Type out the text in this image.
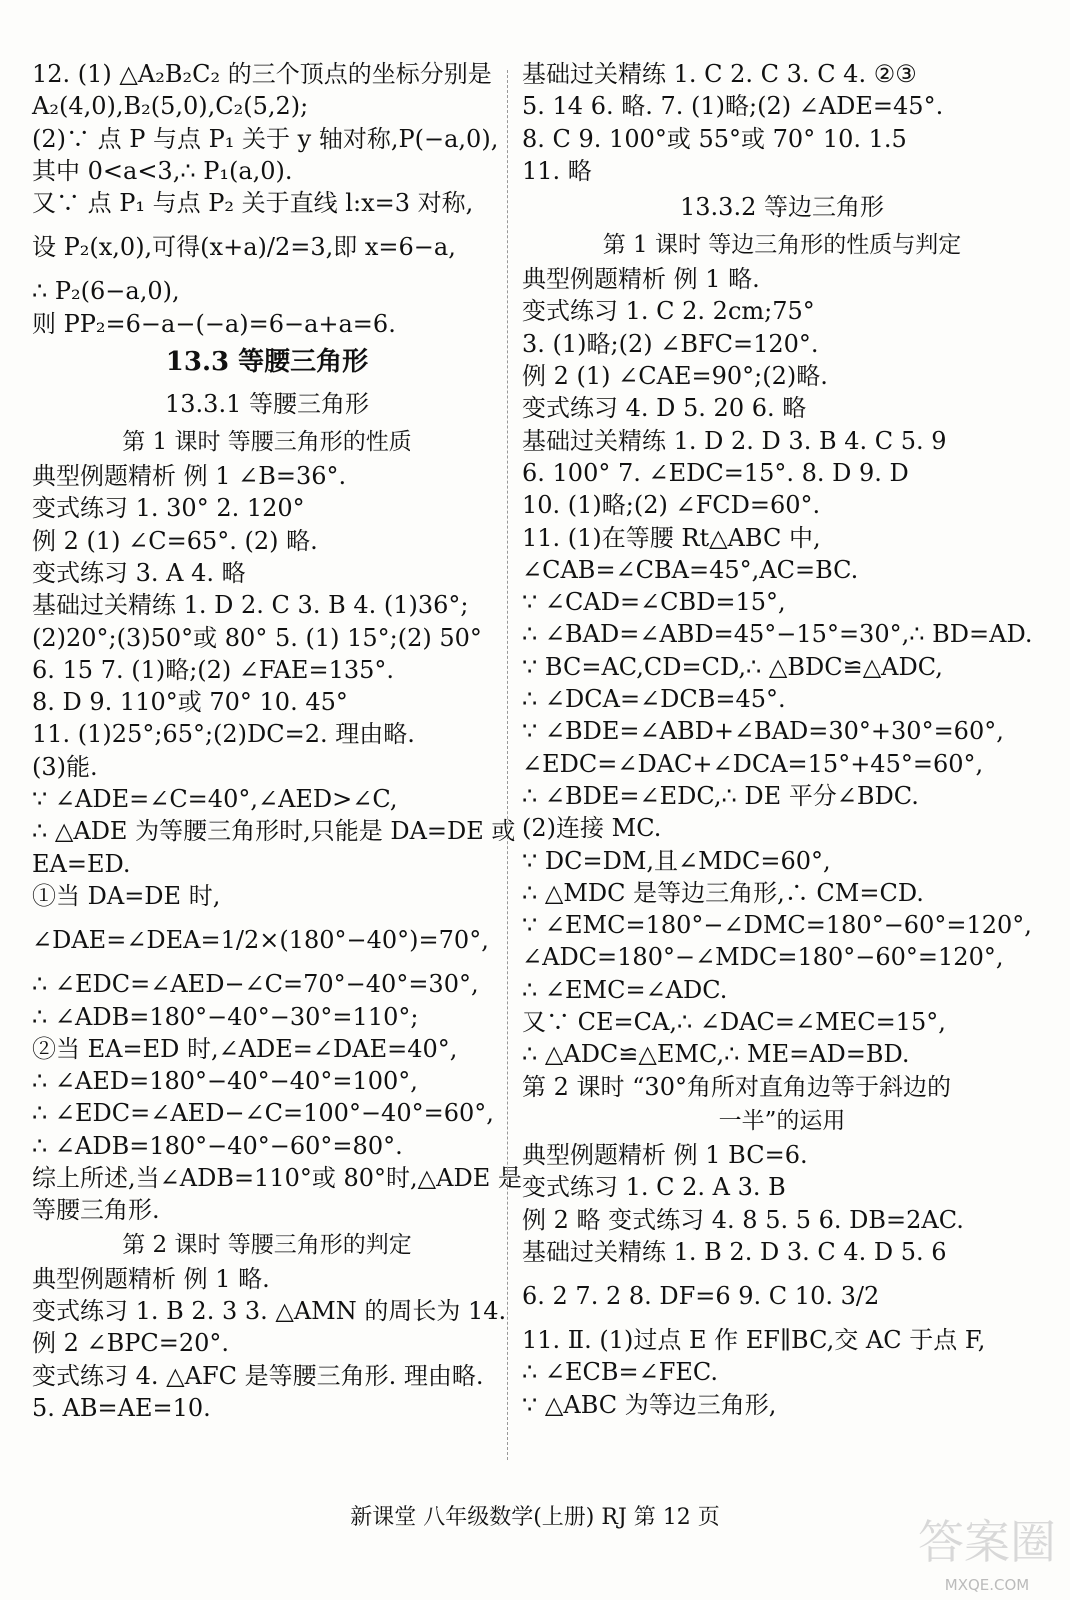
12. (1) △A₂B₂C₂ 的三个顶点的坐标分别是
A₂(4,0),B₂(5,0),C₂(5,2);
(2)∵ 点 P 与点 P₁ 关于 y 轴对称,P(−a,0),
其中 0<a<3,∴ P₁(a,0).
又∵ 点 P₁ 与点 P₂ 关于直线 l:x=3 对称,
设 P₂(x,0),可得(x+a)/2=3,即 x=6−a,
∴ P₂(6−a,0),
则 PP₂=6−a−(−a)=6−a+a=6.
13.3 等腰三角形
13.3.1 等腰三角形
第 1 课时 等腰三角形的性质
典型例题精析 例 1 ∠B=36°.
变式练习 1. 30° 2. 120°
例 2 (1) ∠C=65°. (2) 略.
变式练习 3. A 4. 略
基础过关精练 1. D 2. C 3. B 4. (1)36°;
(2)20°;(3)50°或 80° 5. (1) 15°;(2) 50°
6. 15 7. (1)略;(2) ∠FAE=135°.
8. D 9. 110°或 70° 10. 45°
11. (1)25°;65°;(2)DC=2. 理由略.
(3)能.
∵ ∠ADE=∠C=40°,∠AED>∠C,
∴ △ADE 为等腰三角形时,只能是 DA=DE 或
EA=ED.
①当 DA=DE 时,
∠DAE=∠DEA=1/2×(180°−40°)=70°,
∴ ∠EDC=∠AED−∠C=70°−40°=30°,
∴ ∠ADB=180°−40°−30°=110°;
②当 EA=ED 时,∠ADE=∠DAE=40°,
∴ ∠AED=180°−40°−40°=100°,
∴ ∠EDC=∠AED−∠C=100°−40°=60°,
∴ ∠ADB=180°−40°−60°=80°.
综上所述,当∠ADB=110°或 80°时,△ADE 是
等腰三角形.
第 2 课时 等腰三角形的判定
典型例题精析 例 1 略.
变式练习 1. B 2. 3 3. △AMN 的周长为 14.
例 2 ∠BPC=20°.
变式练习 4. △AFC 是等腰三角形. 理由略.
5. AB=AE=10.
基础过关精练 1. C 2. C 3. C 4. ②③
5. 14 6. 略. 7. (1)略;(2) ∠ADE=45°.
8. C 9. 100°或 55°或 70° 10. 1.5
11. 略
13.3.2 等边三角形
第 1 课时 等边三角形的性质与判定
典型例题精析 例 1 略.
变式练习 1. C 2. 2cm;75°
3. (1)略;(2) ∠BFC=120°.
例 2 (1) ∠CAE=90°;(2)略.
变式练习 4. D 5. 20 6. 略
基础过关精练 1. D 2. D 3. B 4. C 5. 9
6. 100° 7. ∠EDC=15°. 8. D 9. D
10. (1)略;(2) ∠FCD=60°.
11. (1)在等腰 Rt△ABC 中,
∠CAB=∠CBA=45°,AC=BC.
∵ ∠CAD=∠CBD=15°,
∴ ∠BAD=∠ABD=45°−15°=30°,∴ BD=AD.
∵ BC=AC,CD=CD,∴ △BDC≌△ADC,
∴ ∠DCA=∠DCB=45°.
∵ ∠BDE=∠ABD+∠BAD=30°+30°=60°,
∠EDC=∠DAC+∠DCA=15°+45°=60°,
∴ ∠BDE=∠EDC,∴ DE 平分∠BDC.
(2)连接 MC.
∵ DC=DM,且∠MDC=60°,
∴ △MDC 是等边三角形,∴ CM=CD.
∵ ∠EMC=180°−∠DMC=180°−60°=120°,
∠ADC=180°−∠MDC=180°−60°=120°,
∴ ∠EMC=∠ADC.
又∵ CE=CA,∴ ∠DAC=∠MEC=15°,
∴ △ADC≌△EMC,∴ ME=AD=BD.
第 2 课时 “30°角所对直角边等于斜边的
一半”的运用
典型例题精析 例 1 BC=6.
变式练习 1. C 2. A 3. B
例 2 略 变式练习 4. 8 5. 5 6. DB=2AC.
基础过关精练 1. B 2. D 3. C 4. D 5. 6
6. 2 7. 2 8. DF=6 9. C 10. 3/2
11. Ⅱ. (1)过点 E 作 EF∥BC,交 AC 于点 F,
∴ ∠ECB=∠FEC.
∵ △ABC 为等边三角形,
新课堂 八年级数学(上册) RJ 第 12 页	答案圈
MXQE.COM
